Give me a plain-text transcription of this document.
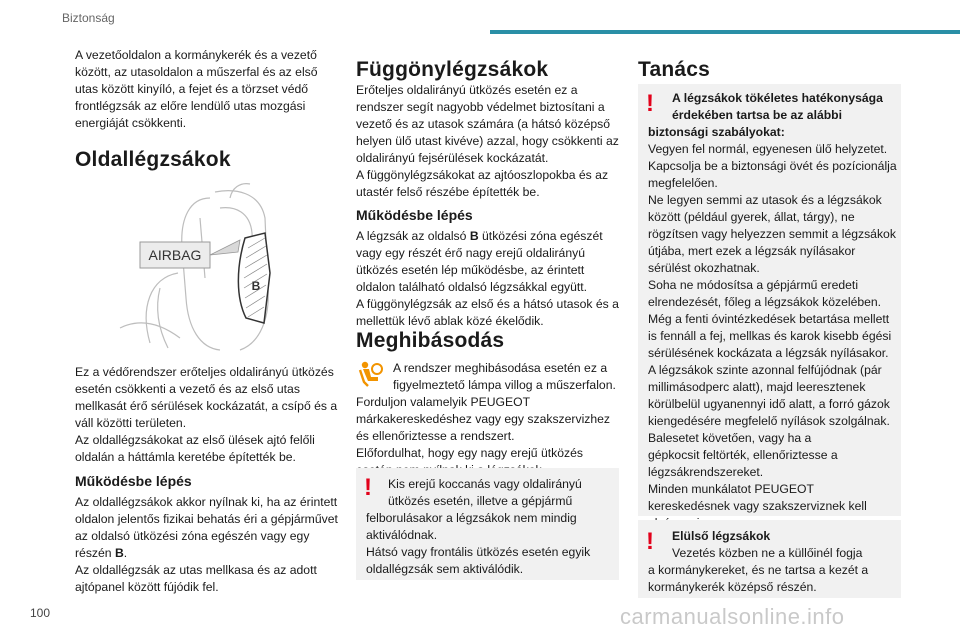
Biztonság
A vezetőoldalon a kormánykerék és a vezető
között, az utasoldalon a műszerfal és az első
utas között kinyíló, a fejet és a törzset védő
frontlégzsák az előre lendülő utas mozgási
energiáját csökkenti.
Oldallégzsákok
AIRBAG
B
Ez a védőrendszer erőteljes oldalirányú ütközés
esetén csökkenti a vezető és az első utas
mellkasát érő sérülések kockázatát, a csípő és a
váll közötti területen.
Az oldallégzsákokat az első ülések ajtó felőli
oldalán a háttámla keretébe építették be.
Működésbe lépés
Az oldallégzsákok akkor nyílnak ki, ha az érintett
oldalon jelentős fizikai behatás éri a gépjárművet
az oldalsó ütközési zóna egészén vagy egy
részén B.
Az oldallégzsák az utas mellkasa és az adott
ajtópanel között fújódik fel.
Függönylégzsákok
Erőteljes oldalirányú ütközés esetén ez a
rendszer segít nagyobb védelmet biztosítani a
vezető és az utasok számára (a hátsó középső
helyen ülő utast kivéve) azzal, hogy csökkenti az
oldalirányú fejsérülések kockázatát.
A függönylégzsákokat az ajtóoszlopokba és az
utastér felső részébe építették be.
Működésbe lépés
A légzsák az oldalsó B ütközési zóna egészét
vagy egy részét érő nagy erejű oldalirányú
ütközés esetén lép működésbe, az érintett
oldalon található oldalsó légzsákkal együtt.
A függönylégzsák az első és a hátsó utasok és a
mellettük lévő ablak közé ékelődik.
Meghibásodás
A rendszer meghibásodása esetén ez a
figyelmeztető lámpa villog a műszerfalon.
Forduljon valamelyik PEUGEOT
márkakereskedéshez vagy egy szakszervizhez
és ellenőriztesse a rendszert.
Előfordulhat, hogy egy nagy erejű ütközés

! Kis erejű koccanás vagy oldalirányú
ütközés esetén, illetve a gépjármű
felborulásakor a légzsákok nem mindig
aktiválódnak.
Hátsó vagy frontális ütközés esetén egyik
oldallégzsák sem aktiválódik.
Tanács
! A légzsákok tökéletes hatékonysága
érdekében tartsa be az alábbi
biztonsági szabályokat:
Vegyen fel normál, egyenesen ülő helyzetet.
Kapcsolja be a biztonsági övét és pozícionálja
megfelelően.
Ne legyen semmi az utasok és a légzsákok
között (például gyerek, állat, tárgy), ne
rögzítsen vagy helyezzen semmit a légzsákok
útjába, mert ezek a légzsák nyílásakor
sérülést okozhatnak.
Soha ne módosítsa a gépjármű eredeti
elrendezését, főleg a légzsákok közelében.
Még a fenti óvintézkedések betartása mellett
is fennáll a fej, mellkas és karok kisebb égési
sérülésének kockázata a légzsák nyílásakor.
A légzsákok szinte azonnal felfújódnak (pár
millimásodperc alatt), majd leeresztenek
körülbelül ugyanennyi idő alatt, a forró gázok
kiengedésére megfelelő nyílások szolgálnak.
Balesetet követően, vagy ha a
gépkocsit feltörték, ellenőriztesse a
légzsákrendszereket.
Minden munkálatot PEUGEOT
kereskedésnek vagy szakszerviznek kell

! Elülső légzsákok
Vezetés közben ne a küllőinél fogja
a kormánykereket, és ne tartsa a kezét a
kormánykerék középső részén.
100	carmanualsonline.info
